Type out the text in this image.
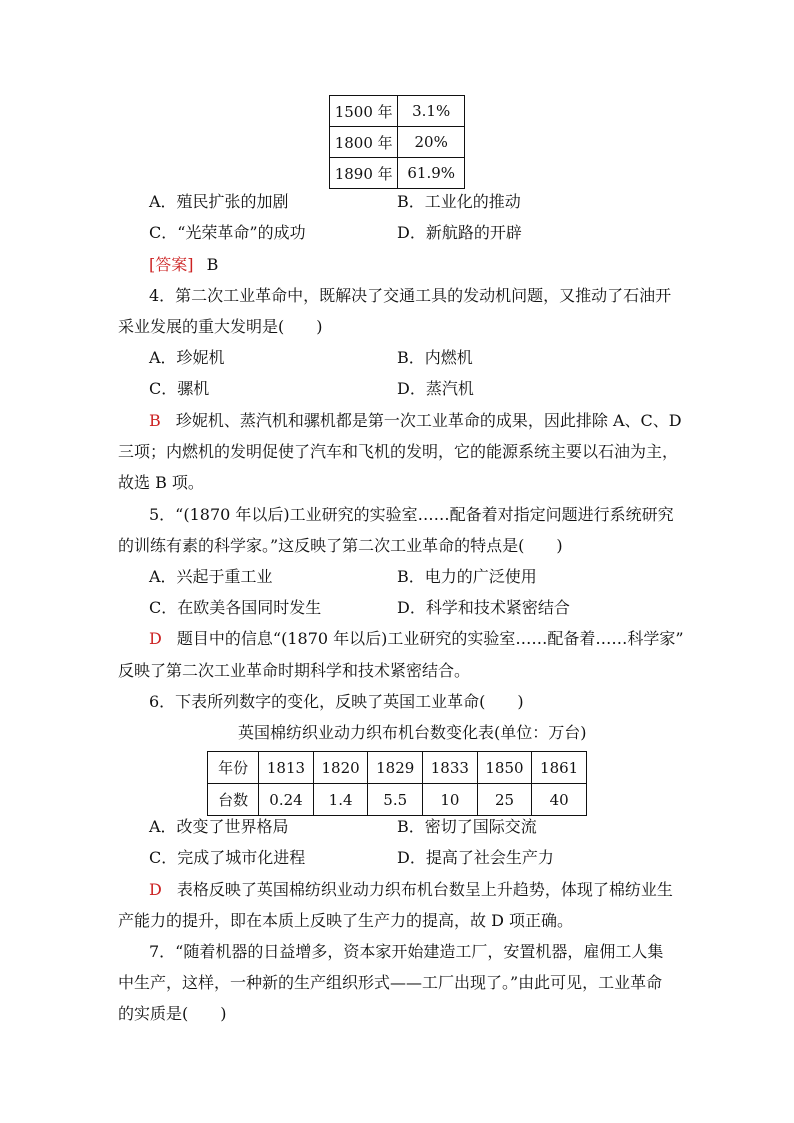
1500 年	3.1%
1800 年	20%
1890 年	61.9%
A．殖民扩张的加剧	B．工业化的推动
C．“光荣革命”的成功	D．新航路的开辟
[答案] B
4．第二次工业革命中，既解决了交通工具的发动机问题，又推动了石油开
采业发展的重大发明是(　　)
A．珍妮机	B．内燃机
C．骡机	D．蒸汽机
B 珍妮机、蒸汽机和骡机都是第一次工业革命的成果，因此排除 A、C、D
三项；内燃机的发明促使了汽车和飞机的发明，它的能源系统主要以石油为主，
故选 B 项。
5．“(1870 年以后)工业研究的实验室……配备着对指定问题进行系统研究
的训练有素的科学家。”这反映了第二次工业革命的特点是(　　)
A．兴起于重工业	B．电力的广泛使用
C．在欧美各国同时发生	D．科学和技术紧密结合
D 题目中的信息“(1870 年以后)工业研究的实验室……配备着……科学家”
反映了第二次工业革命时期科学和技术紧密结合。
6．下表所列数字的变化，反映了英国工业革命(　　)
英国棉纺织业动力织布机台数变化表(单位：万台)
年份	1813	1820	1829	1833	1850	1861
台数	0.24	1.4	5.5	10	25	40
A．改变了世界格局	B．密切了国际交流
C．完成了城市化进程	D．提高了社会生产力
D 表格反映了英国棉纺织业动力织布机台数呈上升趋势，体现了棉纺业生
产能力的提升，即在本质上反映了生产力的提高，故 D 项正确。
7．“随着机器的日益增多，资本家开始建造工厂，安置机器，雇佣工人集
中生产，这样，一种新的生产组织形式——工厂出现了。”由此可见，工业革命
的实质是(　　)
